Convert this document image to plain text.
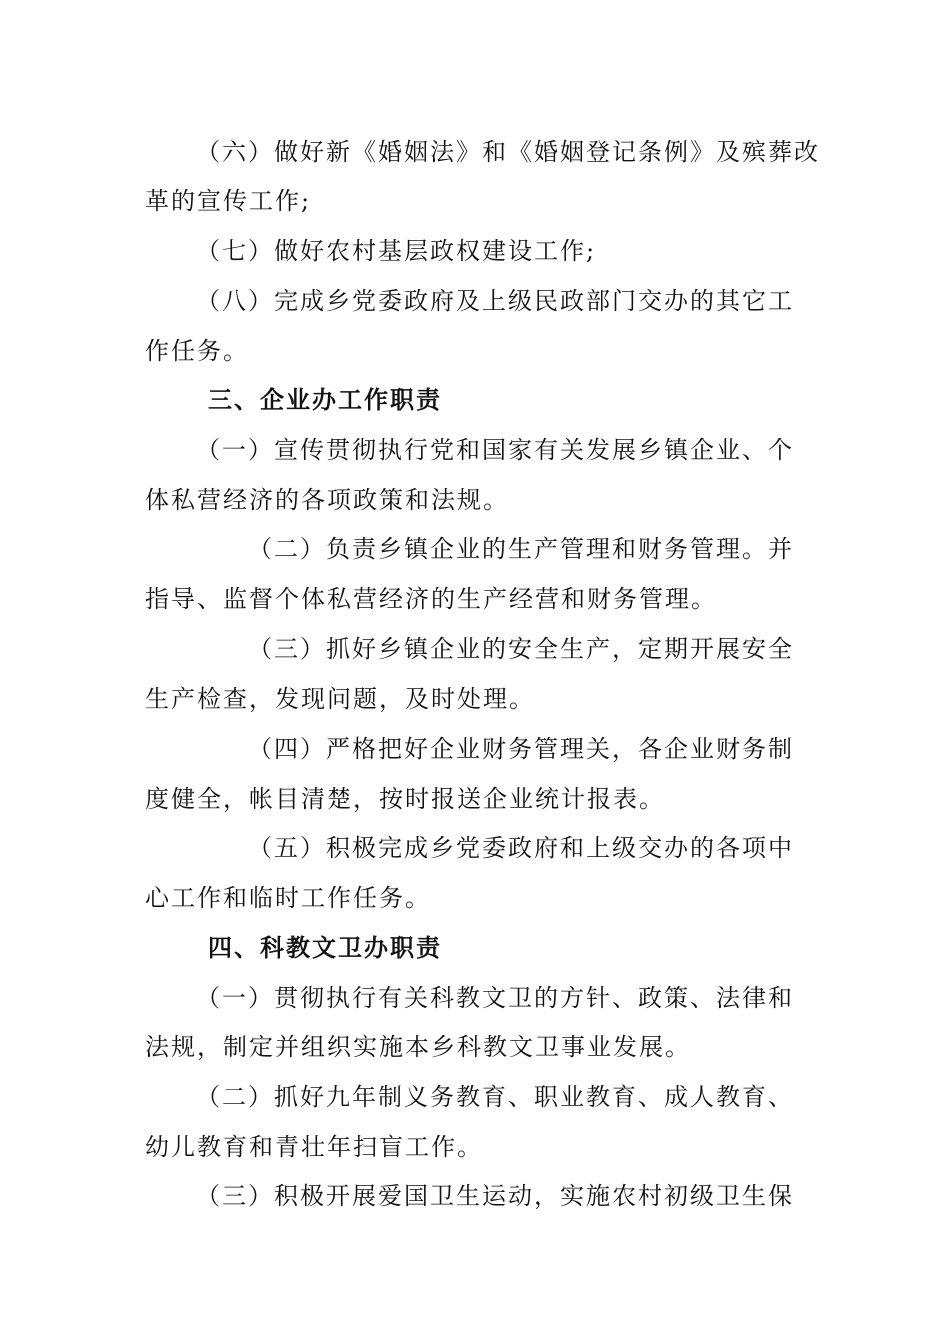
（六）做好新《婚姻法》和《婚姻登记条例》及殡葬改
革的宣传工作;
（七）做好农村基层政权建设工作;
（八）完成乡党委政府及上级民政部门交办的其它工
作任务。
三、企业办工作职责
（一）宣传贯彻执行党和国家有关发展乡镇企业、个
体私营经济的各项政策和法规。
（二）负责乡镇企业的生产管理和财务管理。并
指导、监督个体私营经济的生产经营和财务管理。
（三）抓好乡镇企业的安全生产，定期开展安全
生产检查，发现问题，及时处理。
（四）严格把好企业财务管理关，各企业财务制
度健全，帐目清楚，按时报送企业统计报表。
（五）积极完成乡党委政府和上级交办的各项中
心工作和临时工作任务。
四、科教文卫办职责
（一）贯彻执行有关科教文卫的方针、政策、法律和
法规，制定并组织实施本乡科教文卫事业发展。
（二）抓好九年制义务教育、职业教育、成人教育、
幼儿教育和青壮年扫盲工作。
（三）积极开展爱国卫生运动，实施农村初级卫生保
